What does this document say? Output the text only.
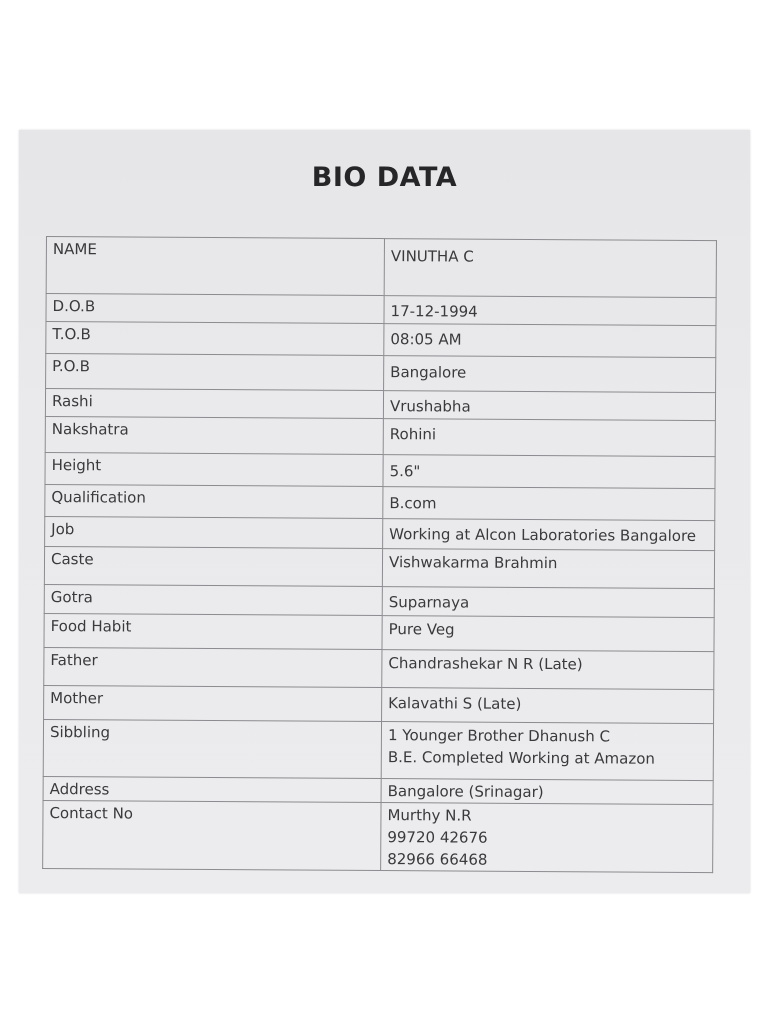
BIO DATA
NAME	VINUTHA C
D.O.B	17-12-1994
T.O.B	08:05 AM
P.O.B	Bangalore
Rashi	Vrushabha
Nakshatra	Rohini
Height	5.6"
Qualification	B.com
Job	Working at Alcon Laboratories Bangalore
Caste	Vishwakarma Brahmin
Gotra	Suparnaya
Food Habit	Pure Veg
Father	Chandrashekar N R (Late)
Mother	Kalavathi S (Late)
Sibbling	1 Younger Brother Dhanush C
B.E. Completed Working at Amazon
Address	Bangalore (Srinagar)
Contact No	Murthy N.R
99720 42676
82966 66468
